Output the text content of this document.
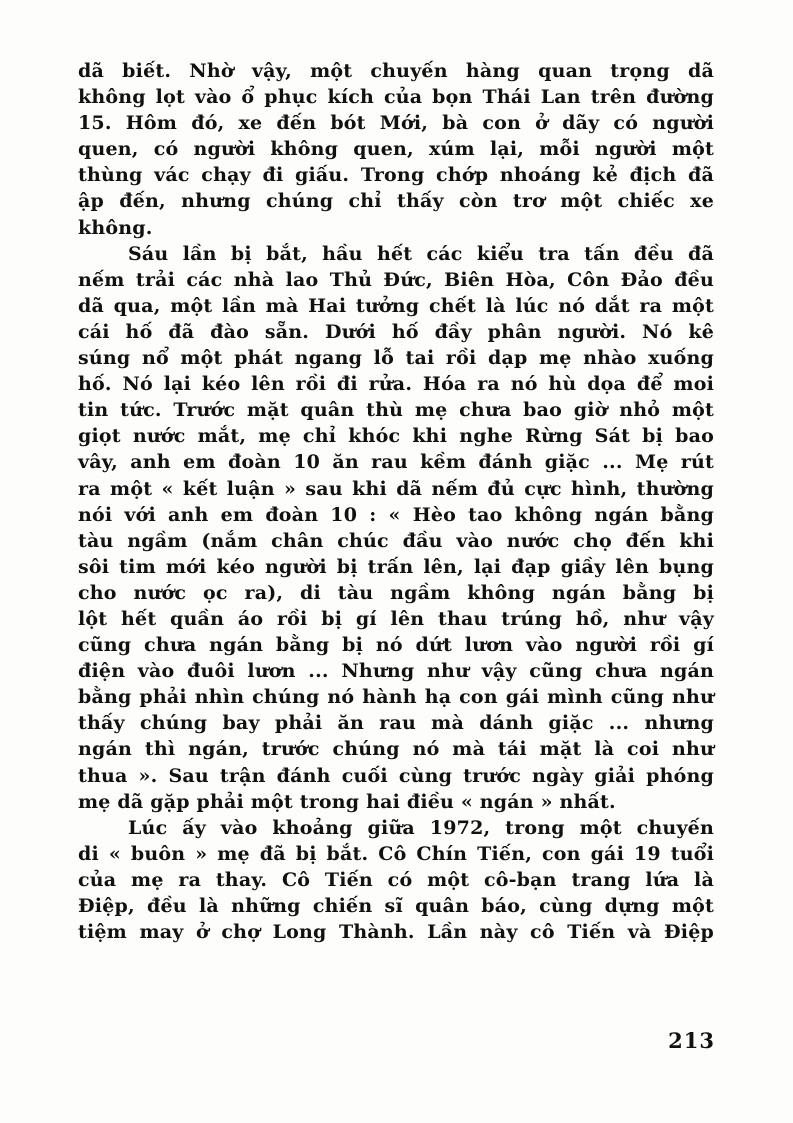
dã biết. Nhờ vậy, một chuyến hàng quan trọng dã
không lọt vào ổ phục kích của bọn Thái Lan trên đường
15. Hôm đó, xe đến bót Mới, bà con ở dãy có người
quen, có người không quen, xúm lại, mỗi người một
thùng vác chạy đi giấu. Trong chớp nhoáng kẻ địch đã
ập đến, nhưng chúng chỉ thấy còn trơ một chiếc xe
không.
Sáu lần bị bắt, hầu hết các kiểu tra tấn đều đã
nếm trải các nhà lao Thủ Đức, Biên Hòa, Côn Đảo đều
dã qua, một lần mà Hai tưởng chết là lúc nó dắt ra một
cái hố đã đào sẵn. Dưới hố đầy phân người. Nó kê
súng nổ một phát ngang lỗ tai rồi dạp mẹ nhào xuống
hố. Nó lại kéo lên rồi đi rửa. Hóa ra nó hù dọa để moi
tin tức. Trước mặt quân thù mẹ chưa bao giờ nhỏ một
giọt nước mắt, mẹ chỉ khóc khi nghe Rừng Sát bị bao
vây, anh em đoàn 10 ăn rau kềm đánh giặc ... Mẹ rút
ra một « kết luận » sau khi dã nếm đủ cực hình, thường
nói với anh em đoàn 10 : « Hèo tao không ngán bằng
tàu ngầm (nắm chân chúc đầu vào nước chọ đến khi
sôi tim mới kéo người bị trấn lên, lại đạp giầy lên bụng
cho nước ọc ra), di tàu ngầm không ngán bằng bị
lột hết quần áo rồi bị gí lên thau trúng hồ, như vậy
cũng chưa ngán bằng bị nó dứt lươn vào người rồi gí
điện vào đuôi lươn ... Nhưng như vậy cũng chưa ngán
bằng phải nhìn chúng nó hành hạ con gái mình cũng như
thấy chúng bay phải ăn rau mà dánh giặc ... nhưng
ngán thì ngán, trước chúng nó mà tái mặt là coi như
thua ». Sau trận đánh cuối cùng trước ngày giải phóng
mẹ dã gặp phải một trong hai điều « ngán » nhất.
Lúc ấy vào khoảng giữa 1972, trong một chuyến
di « buôn » mẹ đã bị bắt. Cô Chín Tiến, con gái 19 tuổi
của mẹ ra thay. Cô Tiến có một cô-bạn trang lứa là
Điệp, đều là những chiến sĩ quân báo, cùng dựng một
tiệm may ở chợ Long Thành. Lần này cô Tiến và Điệp
213
